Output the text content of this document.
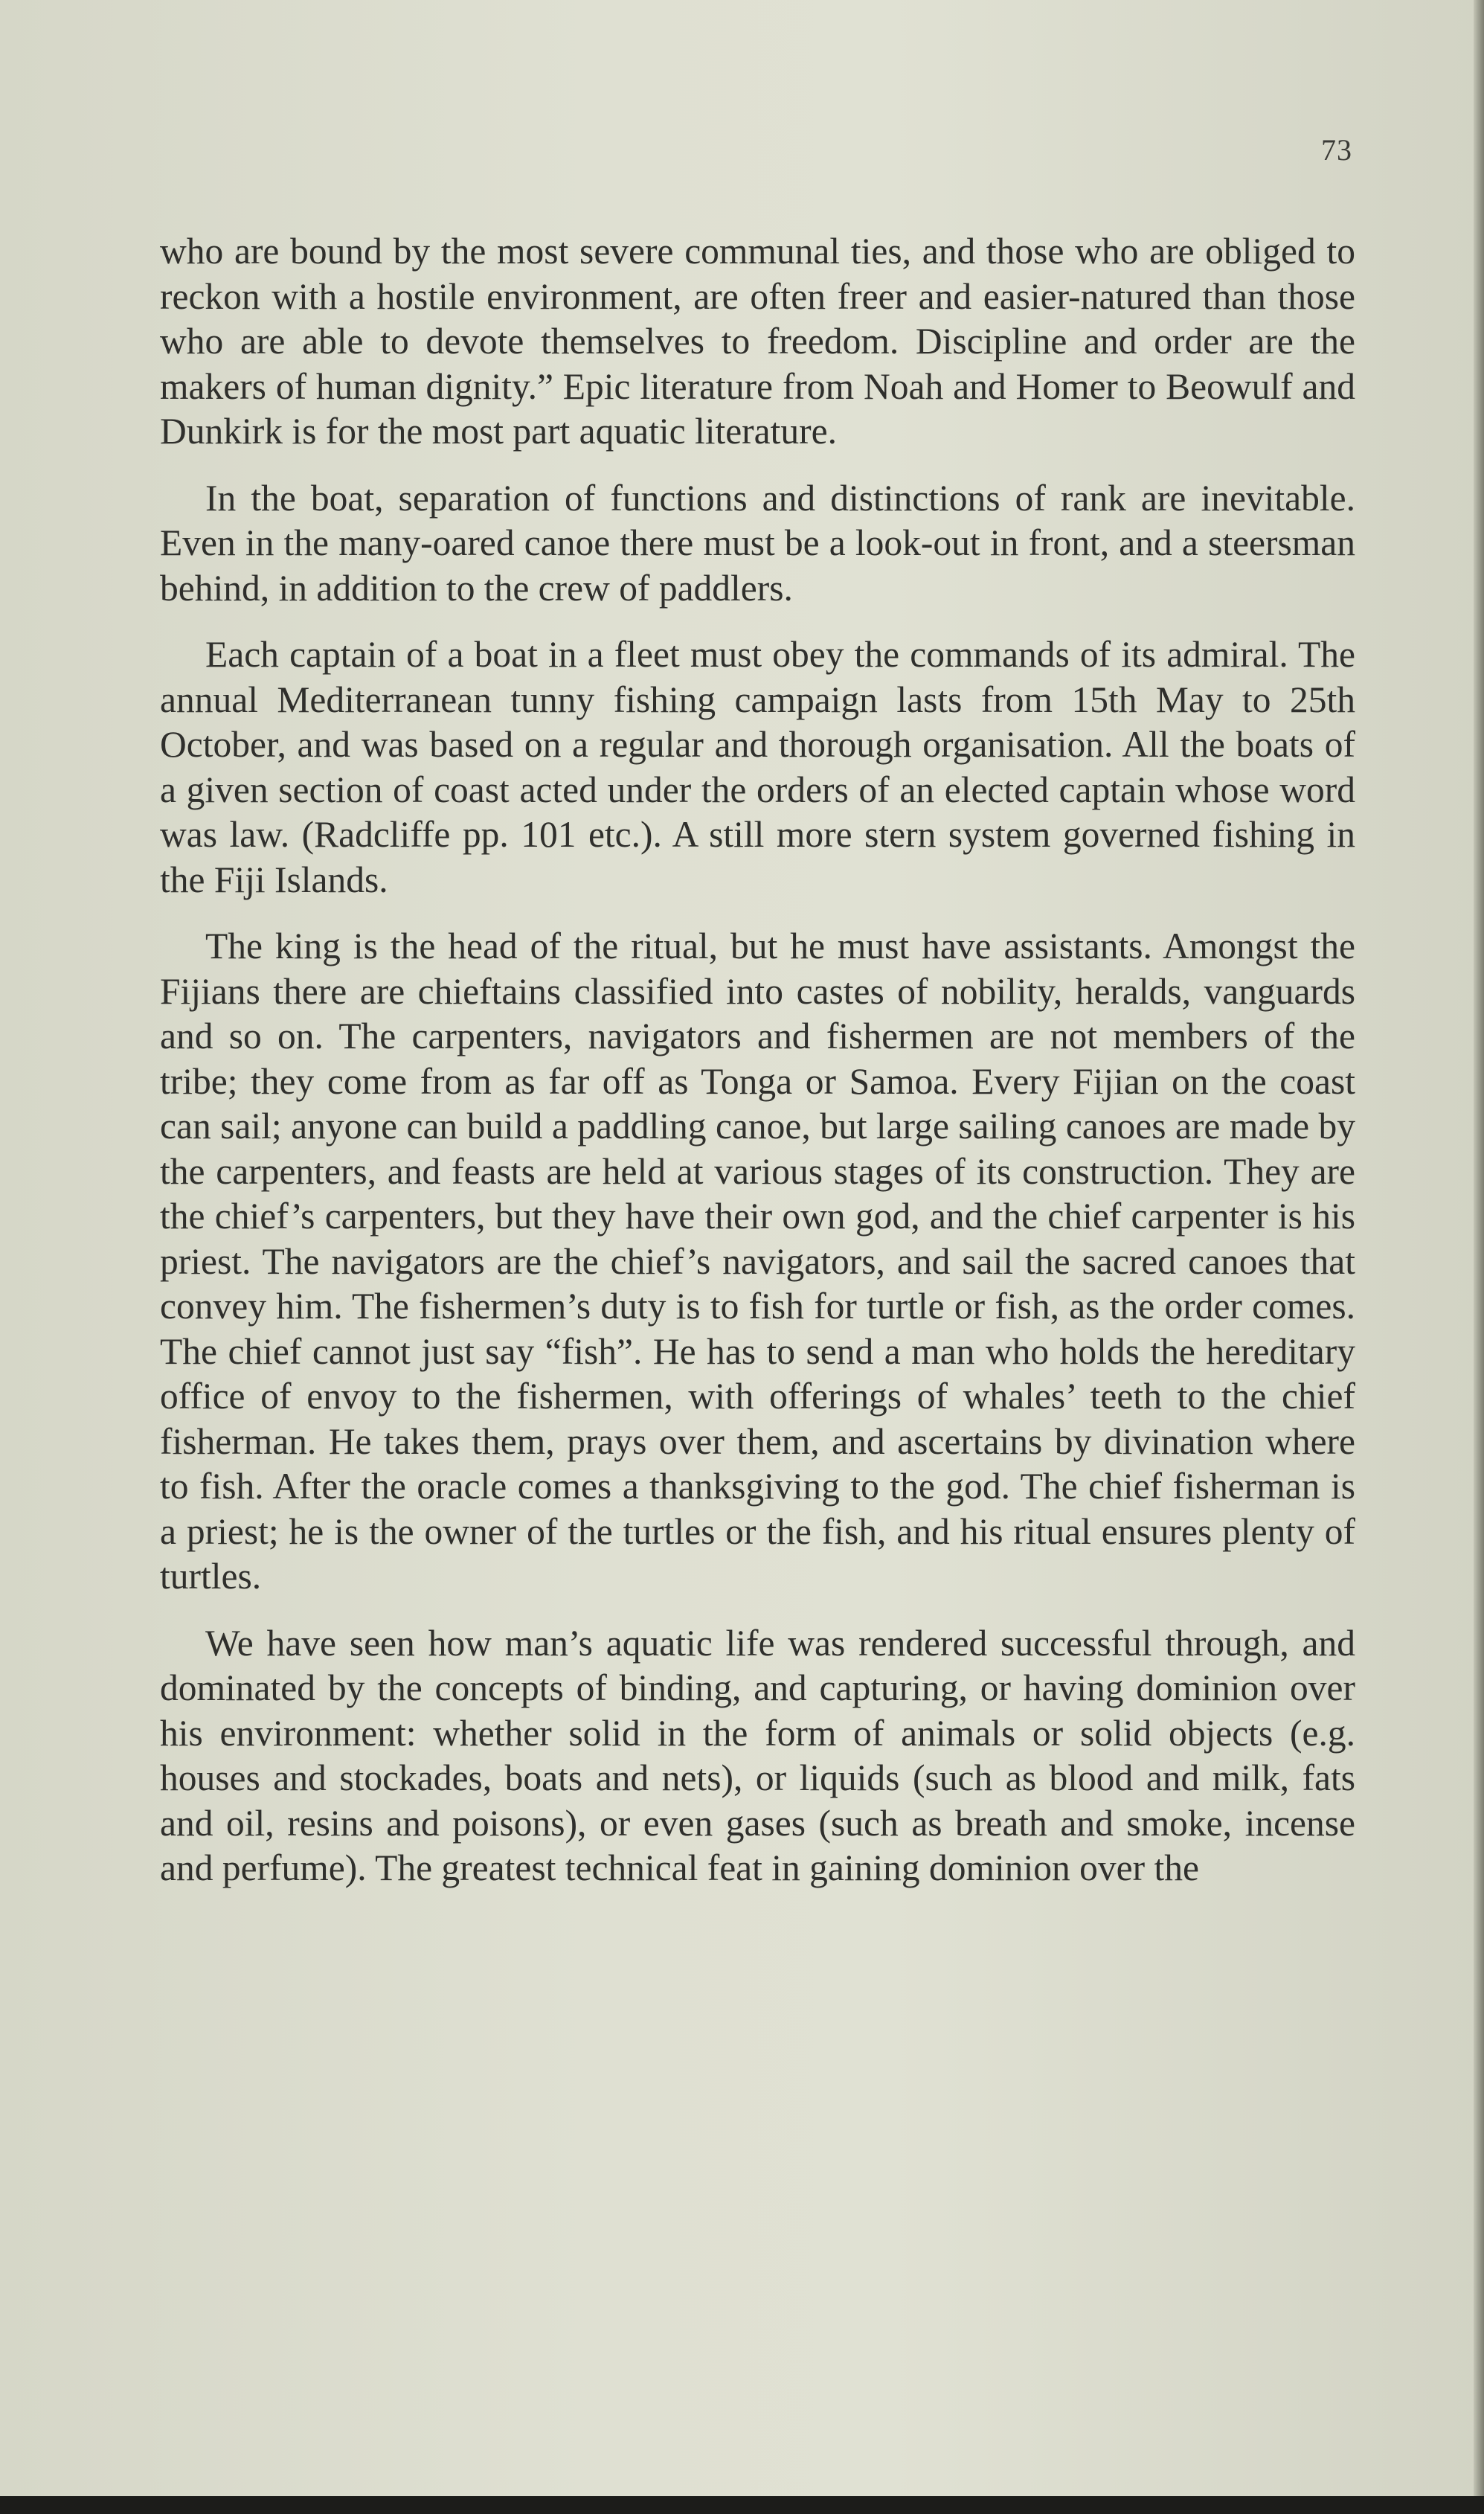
73

who are bound by the most severe communal ties, and those who are obliged to reckon with a hostile environment, are often freer and easier-natured than those who are able to devote themselves to freedom. Discipline and order are the makers of human dignity.” Epic literature from Noah and Homer to Beowulf and Dunkirk is for the most part aquatic literature.

In the boat, separation of functions and distinctions of rank are inevitable. Even in the many-oared canoe there must be a look-out in front, and a steersman behind, in addition to the crew of paddlers.

Each captain of a boat in a fleet must obey the commands of its admiral. The annual Mediterranean tunny fishing campaign lasts from 15th May to 25th October, and was based on a regular and thorough organisation. All the boats of a given section of coast acted under the orders of an elected captain whose word was law. (Radcliffe pp. 101 etc.). A still more stern system governed fishing in the Fiji Islands.

The king is the head of the ritual, but he must have assistants. Amongst the Fijians there are chieftains classified into castes of nobility, heralds, vanguards and so on. The carpenters, navigators and fishermen are not members of the tribe; they come from as far off as Tonga or Samoa. Every Fijian on the coast can sail; anyone can build a paddling canoe, but large sailing canoes are made by the carpenters, and feasts are held at various stages of its construction. They are the chief’s carpenters, but they have their own god, and the chief carpenter is his priest. The navigators are the chief’s navigators, and sail the sacred canoes that convey him. The fishermen’s duty is to fish for turtle or fish, as the order comes. The chief cannot just say “fish”. He has to send a man who holds the hereditary office of envoy to the fishermen, with offerings of whales’ teeth to the chief fisherman. He takes them, prays over them, and ascertains by divination where to fish. After the oracle comes a thanksgiving to the god. The chief fisherman is a priest; he is the owner of the turtles or the fish, and his ritual ensures plenty of turtles.

We have seen how man’s aquatic life was rendered successful through, and dominated by the concepts of binding, and capturing, or having dominion over his environment: whether solid in the form of animals or solid objects (e.g. houses and stockades, boats and nets), or liquids (such as blood and milk, fats and oil, resins and poisons), or even gases (such as breath and smoke, incense and perfume). The greatest technical feat in gaining dominion over the
